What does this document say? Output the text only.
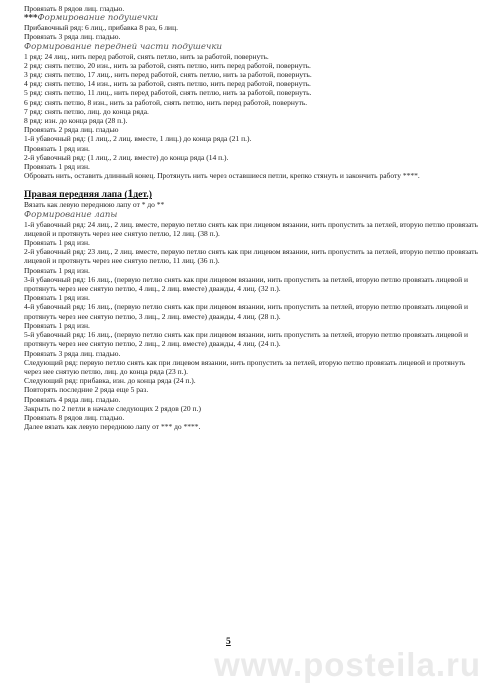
Провязать 8 рядов лиц. гладью.

***Формирование подушечки

Прибавочный ряд: 6 лиц., прибавка 8 раз, 6 лиц.

Провязать 3 ряда лиц. гладью.

Формирование передней части подушечки

1 ряд: 24 лиц., нить перед работой, снять петлю, нить за работой, повернуть.

2 ряд: снять петлю, 20 изн., нить за работой, снять петлю, нить перед работой, повернуть.

3 ряд: снять петлю, 17 лиц., нить перед работой, снять петлю, нить за работой, повернуть.

4 ряд: снять петлю, 14 изн., нить за работой, снять петлю, нить перед работой, повернуть.

5 ряд: снять петлю, 11 лиц., нить перед работой, снять петлю, нить за работой, повернуть.

6 ряд: снять петлю, 8 изн., нить за работой, снять петлю, нить перед работой, повернуть.

7 ряд: снять петлю, лиц. до конца ряда.

8 ряд: изн. до конца ряда (28 п.).

Провязать 2 ряда лиц. гладью

1-й убавочный ряд: (1 лиц., 2 лиц. вместе, 1 лиц.) до конца ряда (21 п.).

Провязать 1 ряд изн.

2-й убавочный ряд: (1 лиц., 2 лиц. вместе) до конца ряда (14 п.).

Провязать 1 ряд изн.

Обровать нить, оставить длинный конец. Протянуть нить через оставшиеся петли, крепко стянуть и закончить работу ****.

Правая передняя лапа (1дет.)

Вязать как левую переднюю лапу от * до **

Формирование лапы

1-й убавочный ряд: 24 лиц., 2 лиц. вместе, первую петлю снять как при лицевом вязании, нить пропустить за петлей, вторую петлю провязать лицевой и протянуть через нее снятую петлю, 12 лиц. (38 п.).

Провязать 1 ряд изн.

2-й убавочный ряд: 23 лиц., 2 лиц. вместе, первую петлю снять как при лицевом вязании, нить пропустить за петлей, вторую петлю провязать лицевой и протянуть через нее снятую петлю, 11 лиц. (36 п.).

Провязать 1 ряд изн.

3-й убавочный ряд: 16 лиц., (первую петлю снять как при лицевом вязании, нить пропустить за петлей, вторую петлю провязать лицевой и протянуть через нее снятую петлю, 4 лиц., 2 лиц. вместе) дважды, 4 лиц. (32 п.).

Провязать 1 ряд изн.

4-й убавочный ряд: 16 лиц., (первую петлю снять как при лицевом вязании, нить пропустить за петлей, вторую петлю провязать лицевой и протянуть через нее снятую петлю, 3 лиц., 2 лиц. вместе) дважды, 4 лиц. (28 п.).

Провязать 1 ряд изн.

5-й убавочный ряд: 16 лиц., (первую петлю снять как при лицевом вязании, нить пропустить за петлей, вторую петлю провязать лицевой и протянуть через нее снятую петлю, 2 лиц., 2 лиц. вместе) дважды, 4 лиц. (24 п.).

Провязать 3 ряда лиц. гладью.

Следующий ряд: первую петлю снять как при лицевом вязании, нить пропустить за петлей, вторую петлю провязать лицевой и протянуть через нее снятую петлю, лиц. до конца ряда (23 п.).

Следующий ряд: прибавка, изн. до конца ряда (24 п.).

Повторять последние 2 ряда еще 5 раз.

Провязать 4 ряда лиц. гладью.

Закрыть по 2 петли в начале следующих 2 рядов (20 п.)

Провязать 8 рядов лиц. гладью.

Далее вязать как левую переднюю лапу от *** до ****.

5
www.posteila.ru
